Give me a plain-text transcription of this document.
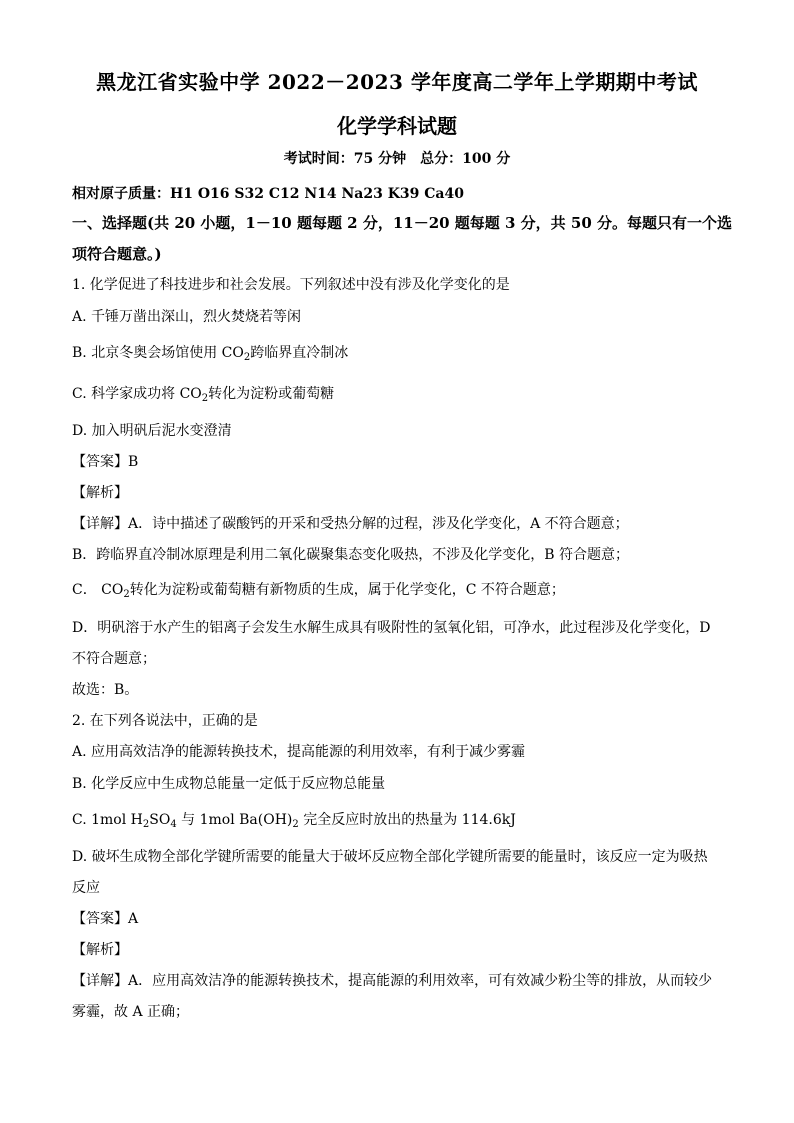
黑龙江省实验中学 2022－2023 学年度高二学年上学期期中考试
化学学科试题
考试时间：75 分钟　总分：100 分
相对原子质量：H1 O16 S32 C12 N14 Na23 K39 Ca40
一、选择题(共 20 小题，1－10 题每题 2 分，11－20 题每题 3 分，共 50 分。每题只有一个选
项符合题意。)
1. 化学促进了科技进步和社会发展。下列叙述中没有涉及化学变化的是
A. 千锤万凿出深山，烈火焚烧若等闲
B. 北京冬奥会场馆使用 $CO_2$跨临界直冷制冰
C. 科学家成功将 $CO_2$转化为淀粉或葡萄糖
D. 加入明矾后泥水变澄清
【答案】B
【解析】
【详解】A．诗中描述了碳酸钙的开采和受热分解的过程，涉及化学变化，A 不符合题意；
B．跨临界直冷制冰原理是利用二氧化碳聚集态变化吸热，不涉及化学变化，B 符合题意；
C． $CO_2$转化为淀粉或葡萄糖有新物质的生成，属于化学变化，C 不符合题意；
D．明矾溶于水产生的铝离子会发生水解生成具有吸附性的氢氧化铝，可净水，此过程涉及化学变化，D
不符合题意；
故选：B。
2. 在下列各说法中，正确的是
A. 应用高效洁净的能源转换技术，提高能源的利用效率，有利于减少雾霾
B. 化学反应中生成物总能量一定低于反应物总能量
C. 1mol $H_2SO_4$ 与 1mol $Ba(OH)_2$ 完全反应时放出的热量为 114.6kJ
D. 破坏生成物全部化学键所需要的能量大于破坏反应物全部化学键所需要的能量时，该反应一定为吸热
反应
【答案】A
【解析】
【详解】A．应用高效洁净的能源转换技术，提高能源的利用效率，可有效减少粉尘等的排放，从而较少
雾霾，故 A 正确；
